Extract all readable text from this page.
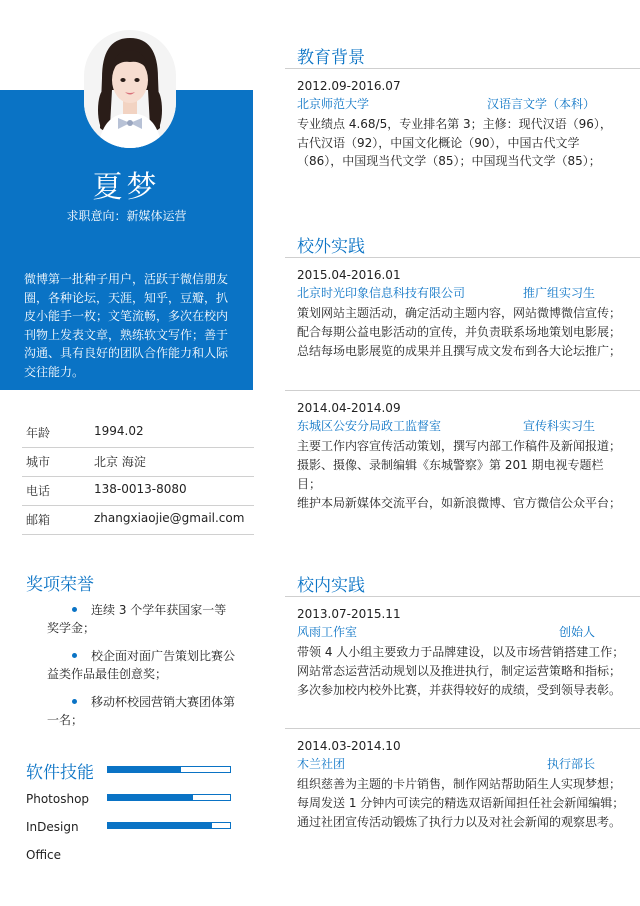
夏梦
求职意向：新媒体运营
微博第一批种子用户，活跃于微信朋友圈，各种论坛，天涯，知乎，豆瓣，扒皮小能手一枚；文笔流畅，多次在校内刊物上发表文章，熟练软文写作；善于沟通、具有良好的团队合作能力和人际交往能力。
年龄	1994.02
城市	北京 海淀
电话	138-0013-8080
邮箱	zhangxiaojie@gmail.com
奖项荣誉
连续 3 个学年获国家一等奖学金；
校企面对面广告策划比赛公益类作品最佳创意奖；
移动杯校园营销大赛团体第一名；
软件技能
Photoshop
InDesign
Office
教育背景
2012.09-2016.07
北京师范大学	汉语言文学（本科）
专业绩点 4.68/5，专业排名第 3；主修：现代汉语（96），
古代汉语（92），中国文化概论（90），中国古代文学
（86），中国现当代文学（85）；中国现当代文学（85）；
校外实践
2015.04-2016.01
北京时光印象信息科技有限公司	推广组实习生
策划网站主题活动，确定活动主题内容，网站微博微信宣传；
配合每期公益电影活动的宣传，并负责联系场地策划电影展；
总结每场电影展览的成果并且撰写成文发布到各大论坛推广；
2014.04-2014.09
东城区公安分局政工监督室	宣传科实习生
主要工作内容宣传活动策划，撰写内部工作稿件及新闻报道；
摄影、摄像、录制编辑《东城警察》第 201 期电视专题栏目；
维护本局新媒体交流平台，如新浪微博、官方微信公众平台；
校内实践
2013.07-2015.11
风雨工作室	创始人
带领 4 人小组主要致力于品牌建设，以及市场营销搭建工作；
网站常态运营活动规划以及推进执行，制定运营策略和指标；
多次参加校内校外比赛，并获得较好的成绩，受到领导表彰。
2014.03-2014.10
木兰社团	执行部长
组织慈善为主题的卡片销售，制作网站帮助陌生人实现梦想；
每周发送 1 分钟内可读完的精选双语新闻担任社会新闻编辑；
通过社团宣传活动锻炼了执行力以及对社会新闻的观察思考。
